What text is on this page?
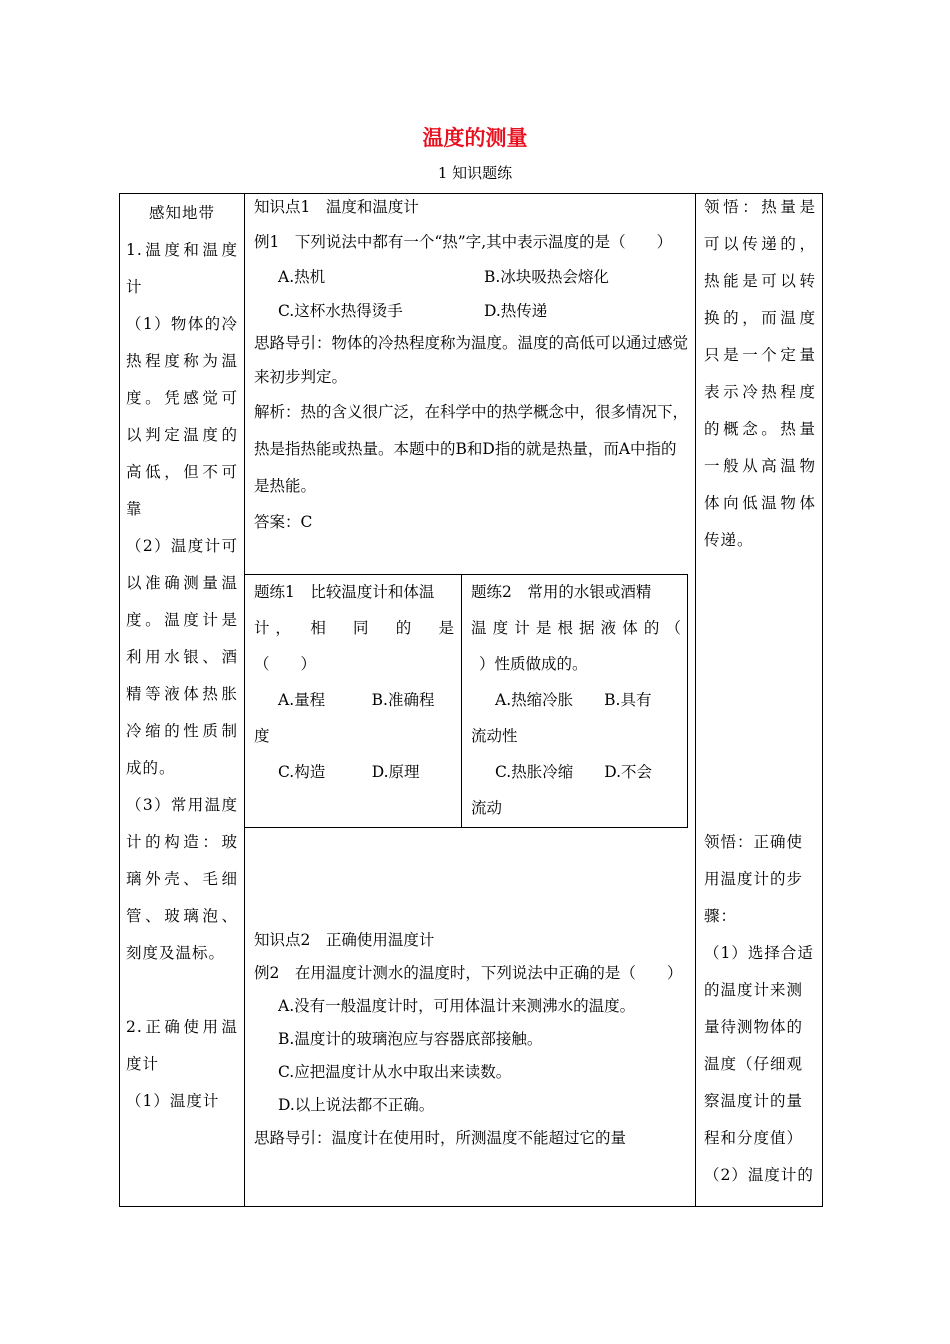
温度的测量
1 知识题练

感知地带

1.温度和温度计

（1）物体的冷热程度称为温度。凭感觉可以判定温度的高低，但不可靠

（2）温度计可以准确测量温度。温度计是利用水银、酒精等液体热胀冷缩的性质制成的。

（3）常用温度计的构造：玻璃外壳、毛细管、玻璃泡、刻度及温标。

2.正确使用温度计

（1）温度计

知识点1　温度和温度计

例1　下列说法中都有一个“热”字,其中表示温度的是（　　）

A.热机	B.冰块吸热会熔化
C.这杯水热得烫手	D.热传递

思路导引：物体的冷热程度称为温度。温度的高低可以通过感觉来初步判定。

解析：热的含义很广泛，在科学中的热学概念中，很多情况下，热是指热能或热量。本题中的B和D指的就是热量，而A中指的是热能。

答案：C

题练1　比较温度计和体温

计，　相　同　的　是

（　　）

A.量程　　　B.准确程

度

C.构造　　　D.原理

题练2　常用的水银或酒精

温度计是根据液体的（

）性质做成的。

A.热缩冷胀　　B.具有

流动性

C.热胀冷缩　　D.不会

流动

知识点2　正确使用温度计

例2　在用温度计测水的温度时，下列说法中正确的是（　　）

A.没有一般温度计时，可用体温计来测沸水的温度。

B.温度计的玻璃泡应与容器底部接触。

C.应把温度计从水中取出来读数。

D.以上说法都不正确。

思路导引：温度计在使用时，所测温度不能超过它的量

领悟：热量是可以传递的，热能是可以转换的，而温度只是一个定量表示冷热程度的概念。热量一般从高温物体向低温物体传递。

领悟：正确使用温度计的步骤：

（1）选择合适的温度计来测量待测物体的温度（仔细观察温度计的量程和分度值）

（2）温度计的
